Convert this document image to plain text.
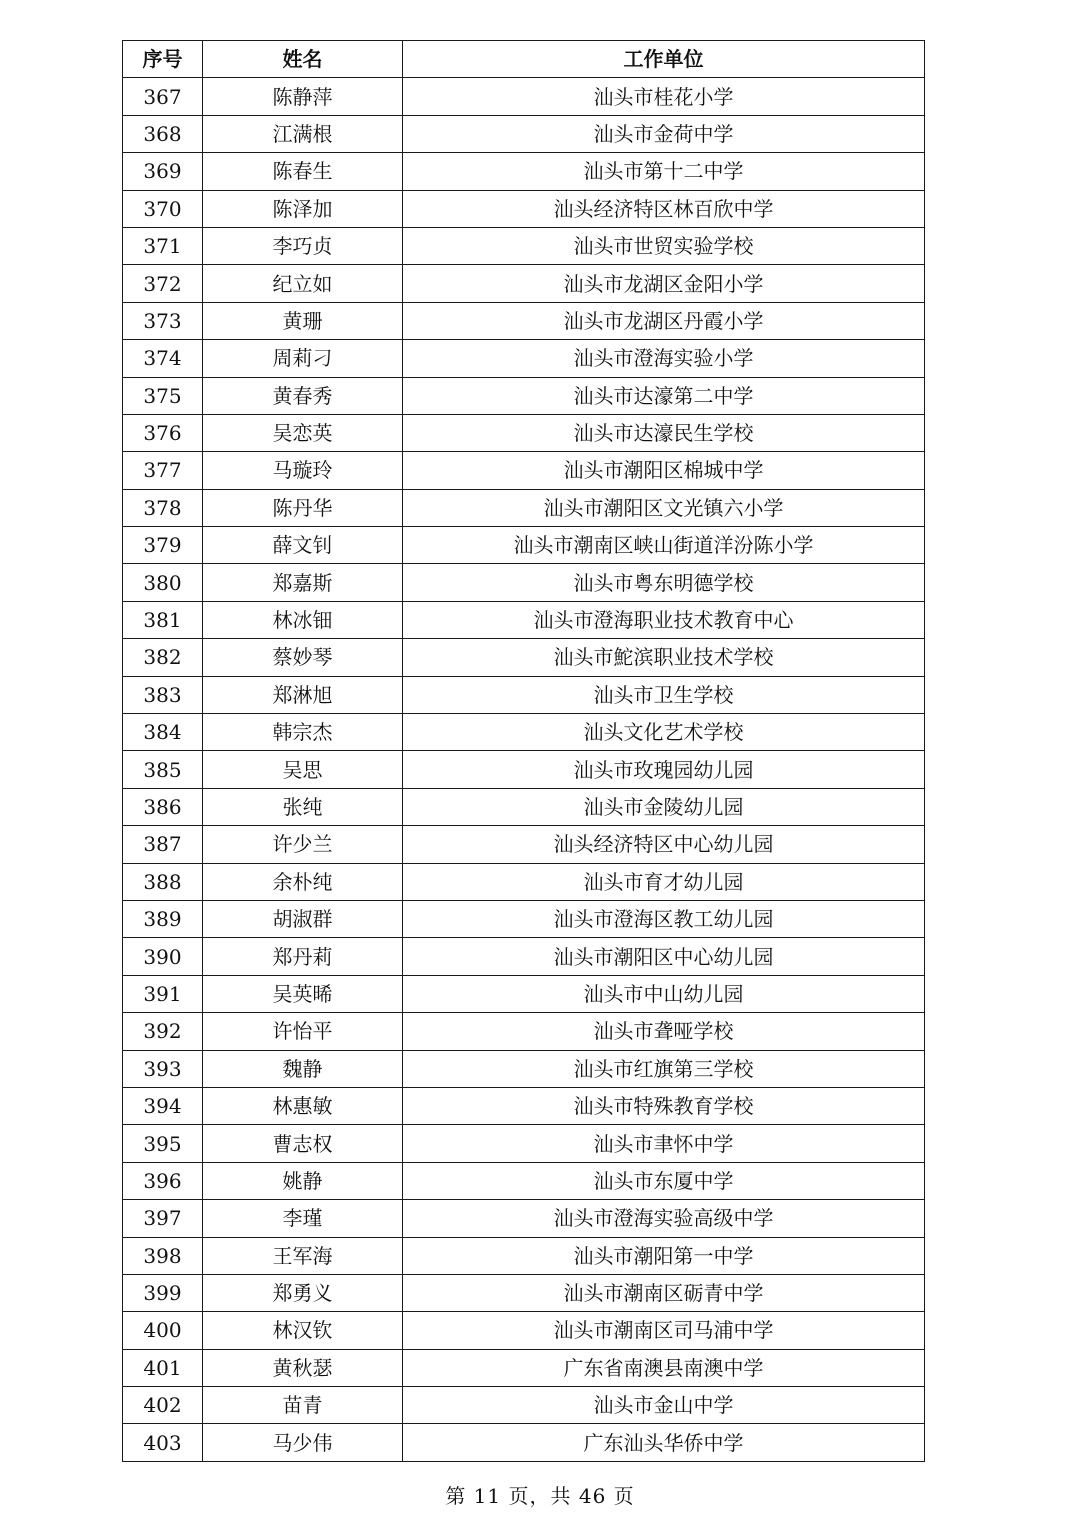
序号	姓名	工作单位
367	陈静萍	汕头市桂花小学
368	江满根	汕头市金荷中学
369	陈春生	汕头市第十二中学
370	陈泽加	汕头经济特区林百欣中学
371	李巧贞	汕头市世贸实验学校
372	纪立如	汕头市龙湖区金阳小学
373	黄珊	汕头市龙湖区丹霞小学
374	周莉刁	汕头市澄海实验小学
375	黄春秀	汕头市达濠第二中学
376	吴恋英	汕头市达濠民生学校
377	马璇玲	汕头市潮阳区棉城中学
378	陈丹华	汕头市潮阳区文光镇六小学
379	薛文钊	汕头市潮南区峡山街道洋汾陈小学
380	郑嘉斯	汕头市粤东明德学校
381	林冰钿	汕头市澄海职业技术教育中心
382	蔡妙琴	汕头市鮀滨职业技术学校
383	郑淋旭	汕头市卫生学校
384	韩宗杰	汕头文化艺术学校
385	吴思	汕头市玫瑰园幼儿园
386	张纯	汕头市金陵幼儿园
387	许少兰	汕头经济特区中心幼儿园
388	余朴纯	汕头市育才幼儿园
389	胡淑群	汕头市澄海区教工幼儿园
390	郑丹莉	汕头市潮阳区中心幼儿园
391	吴英晞	汕头市中山幼儿园
392	许怡平	汕头市聋哑学校
393	魏静	汕头市红旗第三学校
394	林惠敏	汕头市特殊教育学校
395	曹志权	汕头市聿怀中学
396	姚静	汕头市东厦中学
397	李瑾	汕头市澄海实验高级中学
398	王军海	汕头市潮阳第一中学
399	郑勇义	汕头市潮南区砺青中学
400	林汉钦	汕头市潮南区司马浦中学
401	黄秋瑟	广东省南澳县南澳中学
402	苗青	汕头市金山中学
403	马少伟	广东汕头华侨中学
第 11 页，共 46 页
